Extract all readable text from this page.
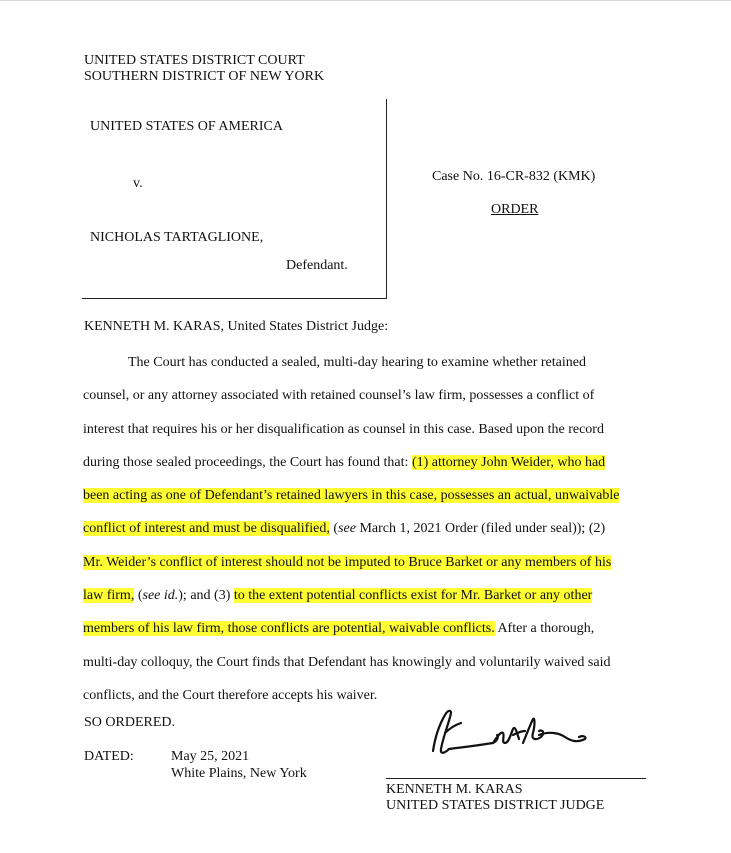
UNITED STATES DISTRICT COURT
SOUTHERN DISTRICT OF NEW YORK
UNITED STATES OF AMERICA
v.
NICHOLAS TARTAGLIONE,
Defendant.
Case No. 16-CR-832 (KMK)
ORDER
KENNETH M. KARAS, United States District Judge:
The Court has conducted a sealed, multi-day hearing to examine whether retained
counsel, or any attorney associated with retained counsel’s law firm, possesses a conflict of
interest that requires his or her disqualification as counsel in this case. Based upon the record
during those sealed proceedings, the Court has found that: (1) attorney John Weider, who had
been acting as one of Defendant’s retained lawyers in this case, possesses an actual, unwaivable
conflict of interest and must be disqualified, (see March 1, 2021 Order (filed under seal)); (2)
Mr. Weider’s conflict of interest should not be imputed to Bruce Barket or any members of his
law firm, (see id.); and (3) to the extent potential conflicts exist for Mr. Barket or any other
members of his law firm, those conflicts are potential, waivable conflicts. After a thorough,
multi-day colloquy, the Court finds that Defendant has knowingly and voluntarily waived said
conflicts, and the Court therefore accepts his waiver.
SO ORDERED.
DATED:	May 25, 2021
White Plains, New York
KENNETH M. KARAS
UNITED STATES DISTRICT JUDGE
